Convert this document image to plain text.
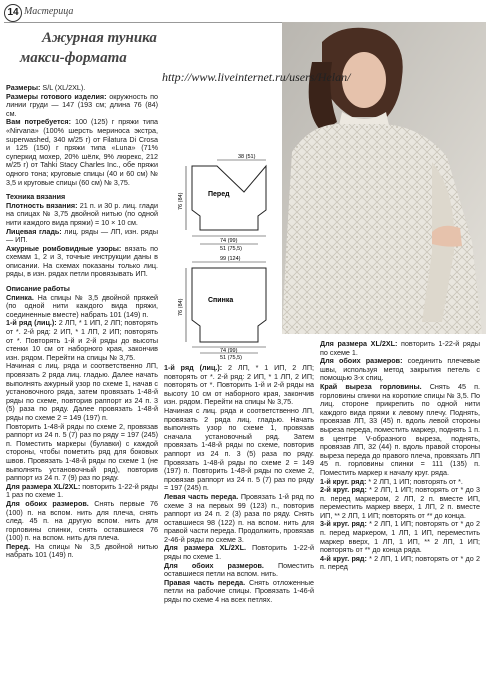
14 Мастерица
Ажурная туника
макси-формата
http://www.liveinternet.ru/users/Helan/

Размеры: S/L (XL/2XL).

Размеры готового изделия: окружность по линии груди — 147 (193 см; длина 76 (84) см.

Вам потребуется: 100 (125) г пряжи типа «Nirvana» (100% шерсть мериноса экстра, superwashed, 340 м/25 г) от Filatura Di Crosa и 125 (150) г пряжи типа «Luna» (71% суперкид мохер, 20% шёлк, 9% люрекс, 212 м/25 г) от Tahki Stacy Charles Inc., обе пряжи одного тона; круговые спицы (40 и 60 см) № 3,5 и круговые спицы (60 см) № 3,75.

Техника вязания

Плотность вязания: 21 п. и 30 р. лиц. глади на спицах № 3,75 двойной нитью (по одной нити каждого вида пряжи) = 10 × 10 см.

Лицевая гладь: лиц. ряды — ЛП, изн. ряды — ИП.

Ажурные ромбовидные узоры: вязать по схемам 1, 2 и 3, точные инструкции даны в описании. На схемах показаны только лиц. ряды, в изн. рядах петли провязывать ИП.

Описание работы

Спинка. На спицы № 3,5 двойной пряжей (по одной нити каждого вида пряжи, соединенные вместе) набрать 101 (149) п.

1-й ряд (лиц.): 2 ЛП, * 1 ИП, 2 ЛП; повторять от *. 2-й ряд: 2 ИП, * 1 ЛП, 2 ИП; повторять от *. Повторять 1-й и 2-й ряды до высоты стенки 10 см от наборного края, закончив изн. рядом. Перейти на спицы № 3,75.

Начиная с лиц. ряда и соответственно ЛП, провязать 2 ряда лиц. гладью. Далее начать выполнять ажурный узор по схеме 1, начав с установочного ряда, затем провязать 1-48-й ряды по схеме, повторив раппорт из 24 п. 3 (5) раза по ряду. Далее провязать 1-48-й ряды по схеме 2 = 149 (197) п.

Повторить 1-48-й ряды по схеме 2, провязав раппорт из 24 п. 5 (7) раз по ряду = 197 (245) п. Поместить маркеры (булавки) с каждой стороны, чтобы пометить ряд для боковых швов. Провязать 1-48-й ряды по схеме 1 (не выполнять установочный ряд), повторив раппорт из 24 п. 7 (9) раз по ряду.

Для размера XL/2XL: повторить 1-22-й ряды 1 раз по схеме 1.

Для обоих размеров. Снять первые 76 (100) п. на вспом. нить для плеча, снять след. 45 п. на другую вспом. нить для горловины спинки, снять оставшиеся 76 (100) п. на вспом. нить для плеча.

Перед. На спицы № 3,5 двойной нитью набрать 101 (149) п.

38 (51)
76 (84)	Перед
74 (99)
51 (75,5)
99 (124)
76 (84)	Спинка
74 (99)
51 (75,5)

1-й ряд (лиц.): 2 ЛП, * 1 ИП, 2 ЛП; повторять от *. 2-й ряд: 2 ИП, * 1 ЛП, 2 ИП; повторять от *. Повторить 1-й и 2-й ряды на высоту 10 см от наборного края, закончив изн. рядом. Перейти на спицы № 3,75.

Начиная с лиц. ряда и соответственно ЛП, провязать 2 ряда лиц. гладью. Начать выполнять узор по схеме 1, провязав сначала установочный ряд. Затем провязать 1-48-й ряды по схеме, повторив раппорт из 24 п. 3 (5) раза по ряду. Провязать 1-48-й ряды по схеме 2 = 149 (197) п. Повторить 1-48-й ряды по схеме 2, провязав раппорт из 24 п. 5 (7) раз по ряду = 197 (245) п.

Левая часть переда. Провязать 1-й ряд по схеме 3 на первых 99 (123) п., повторив раппорт из 24 п. 2 (3) раза по ряду. Снять оставшиеся 98 (122) п. на вспом. нить для правой части переда. Продолжить, провязав 2-46-й ряды по схеме 3.

Для размера XL/2XL. Повторить 1-22-й ряды по схеме 1.

Для обоих размеров. Поместить оставшиеся петли на вспом. нить.

Правая часть переда. Снять отложенные петли на рабочие спицы. Провязать 1-46-й ряды по схеме 4 на всех петлях.

Для размера XL/2XL: повторить 1-22-й ряды по схеме 1.

Для обоих размеров: соединить плечевые швы, используя метод закрытия петель с помощью 3-х спиц.

Край выреза горловины. Снять 45 п. горловины спинки на короткие спицы № 3,5. По лиц. стороне прикрепить по одной нити каждого вида пряжи к левому плечу. Поднять, провязав ЛП, 33 (45) п. вдоль левой стороны выреза переда, поместить маркер, поднять 1 п. в центре V-образного выреза, поднять, провязав ЛП, 32 (44) п. вдоль правой стороны выреза переда до правого плеча, провязать ЛП 45 п. горловины спинки = 111 (135) п. Поместить маркер к началу круг. ряда.

1-й круг. ряд: * 2 ЛП, 1 ИП; повторять от *.

2-й круг. ряд: * 2 ЛП, 1 ИП; повторять от * до 3 п. перед маркером, 2 ЛП, 2 п. вместе ИП, переместить маркер вверх, 1 ЛП, 2 п. вместе ИП, ** 2 ЛП, 1 ИП; повторять от ** до конца.

3-й круг. ряд: * 2 ЛП, 1 ИП; повторять от * до 2 п. перед маркером, 1 ЛП, 1 ИП, переместить маркер вверх, 1 ЛП, 1 ИП, ** 2 ЛП, 1 ИП; повторять от ** до конца ряда.

4-й круг. ряд: * 2 ЛП, 1 ИП; повторять от * до 2 п. перед
